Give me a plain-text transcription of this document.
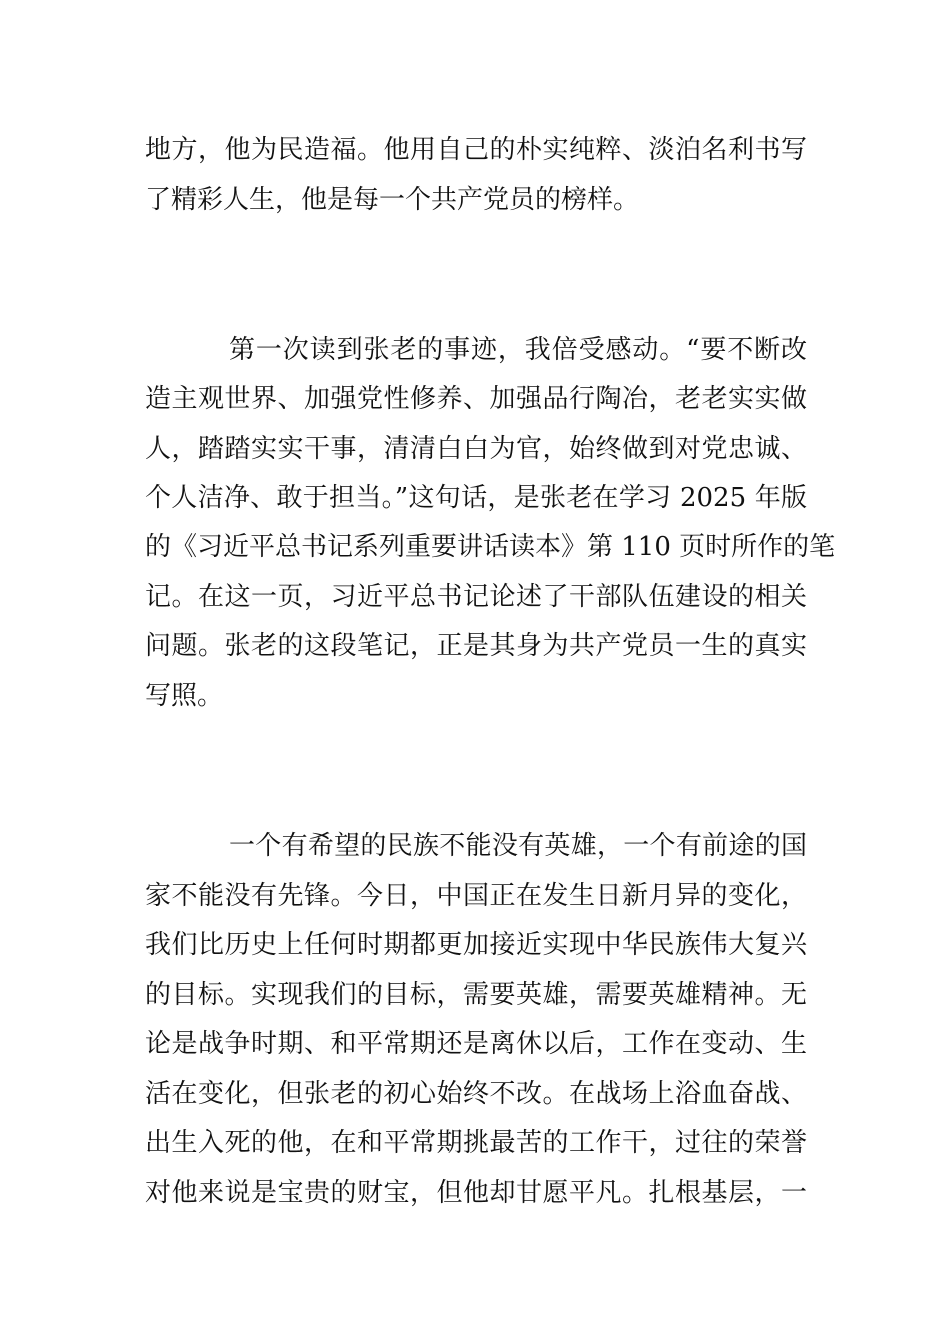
地方，他为民造福。他用自己的朴实纯粹、淡泊名利书写
了精彩人生，他是每一个共产党员的榜样。
第一次读到张老的事迹，我倍受感动。“要不断改
造主观世界、加强党性修养、加强品行陶冶，老老实实做
人，踏踏实实干事，清清白白为官，始终做到对党忠诚、
个人洁净、敢于担当。”这句话，是张老在学习 2025 年版
的《习近平总书记系列重要讲话读本》第 110 页时所作的笔
记。在这一页，习近平总书记论述了干部队伍建设的相关
问题。张老的这段笔记，正是其身为共产党员一生的真实
写照。
一个有希望的民族不能没有英雄，一个有前途的国
家不能没有先锋。今日，中国正在发生日新月异的变化，
我们比历史上任何时期都更加接近实现中华民族伟大复兴
的目标。实现我们的目标，需要英雄，需要英雄精神。无
论是战争时期、和平常期还是离休以后，工作在变动、生
活在变化，但张老的初心始终不改。在战场上浴血奋战、
出生入死的他，在和平常期挑最苦的工作干，过往的荣誉
对他来说是宝贵的财宝，但他却甘愿平凡。扎根基层，一
